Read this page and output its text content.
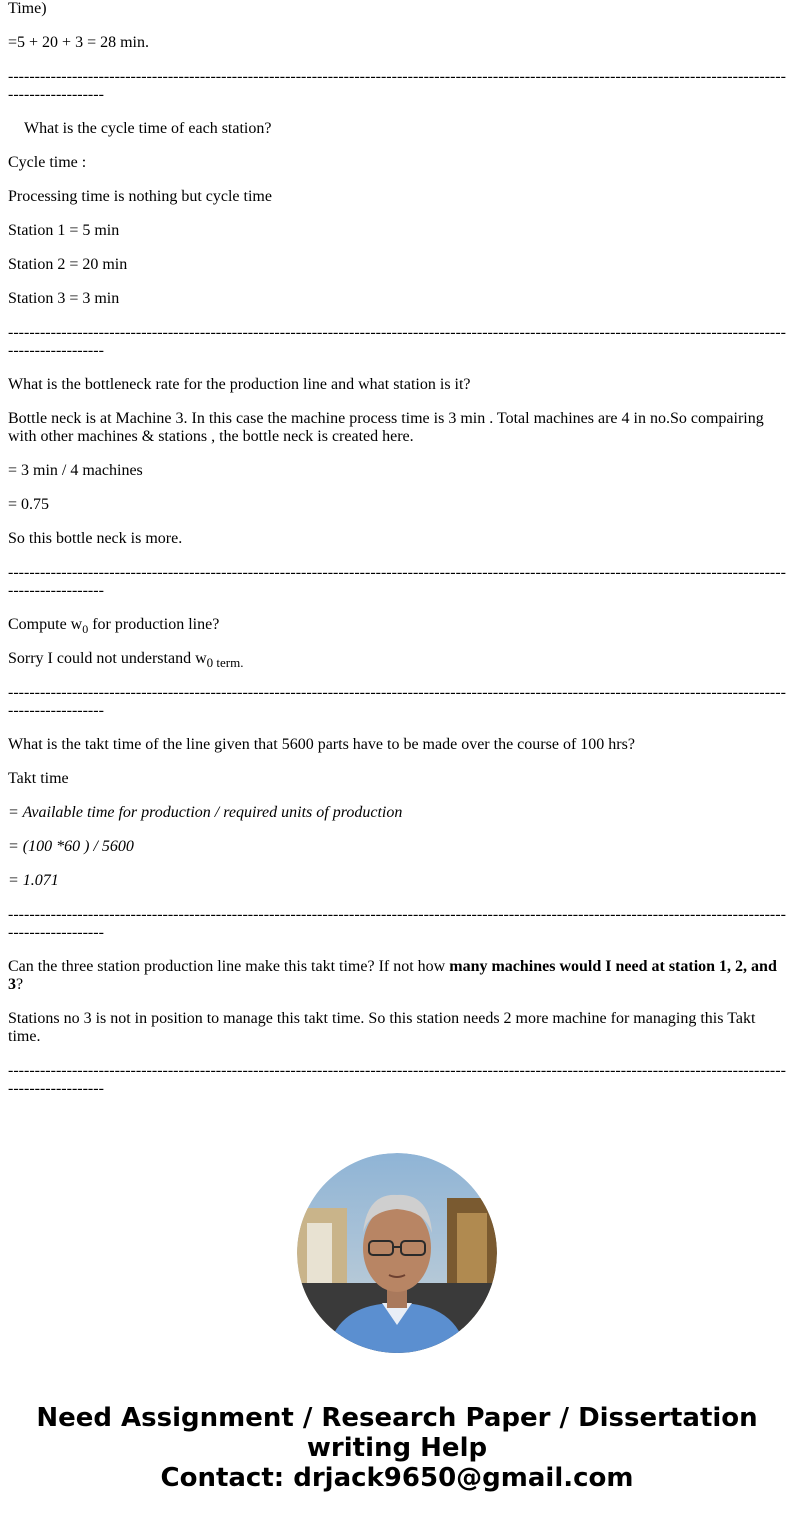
Time)

=5 + 20 + 3 = 28 min.

--------------------------------------------------------------------------------------------------------------------------------------------------------------------

What is the cycle time of each station?

Cycle time :

Processing time is nothing but cycle time

Station 1 = 5 min

Station 2 = 20 min

Station 3 = 3 min

--------------------------------------------------------------------------------------------------------------------------------------------------------------------

What is the bottleneck rate for the production line and what station is it?

Bottle neck is at Machine 3. In this case the machine process time is 3 min . Total machines are 4 in no.So compairing with other machines & stations , the bottle neck is created here.

= 3 min / 4 machines

= 0.75

So this bottle neck is more.

--------------------------------------------------------------------------------------------------------------------------------------------------------------------

Compute $w_0$ for production line?

Sorry I could not understand $w_{0 term.}$

--------------------------------------------------------------------------------------------------------------------------------------------------------------------

What is the takt time of the line given that 5600 parts have to be made over the course of 100 hrs?

Takt time

= Available time for production / required units of production

= (100 *60 ) / 5600

= 1.071

--------------------------------------------------------------------------------------------------------------------------------------------------------------------

Can the three station production line make this takt time? If not how many machines would I need at station 1, 2, and 3?

Stations no 3 is not in position to manage this takt time. So this station needs 2 more machine for managing this Takt time.

--------------------------------------------------------------------------------------------------------------------------------------------------------------------

Need Assignment / Research Paper / Dissertation
writing Help
Contact: drjack9650@gmail.com
